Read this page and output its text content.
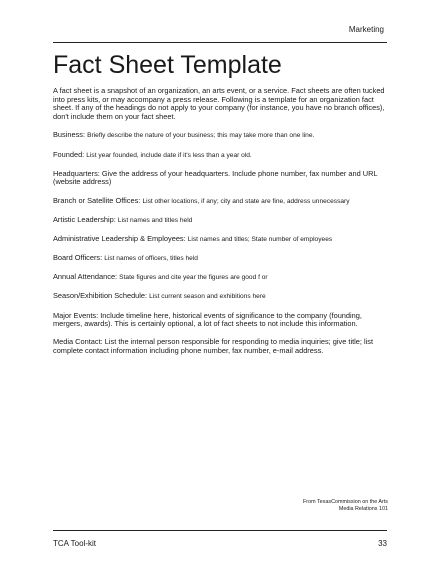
Marketing
Fact Sheet Template

A fact sheet is a snapshot of an organization, an arts event, or a service. Fact sheets are often tucked into press kits, or may accompany a press release. Following is a template for an organization fact sheet. If any of the headings do not apply to your company (for instance, you have no branch offices), don't include them on your fact sheet.

Business: Briefly describe the nature of your business; this may take more than one line.

Founded: List year founded, include date if it's less than a year old.

Headquarters: Give the address of your headquarters. Include phone number, fax number and URL (website address)

Branch or Satellite Offices: List other locations, if any; city and state are fine, address unnecessary

Artistic Leadership: List names and titles held

Administrative Leadership & Employees: List names and titles; State number of employees

Board Officers: List names of officers, titles held

Annual Attendance: State figures and cite year the figures are good f or

Season/Exhibition Schedule: List current season and exhibitions here

Major Events: Include timeline here, historical events of significance to the company (founding, mergers, awards). This is certainly optional, a lot of fact sheets to not include this information.

Media Contact: List the internal person responsible for responding to media inquiries; give title; list complete contact information including phone number, fax number, e-mail address.

From TexasCommission on the Arts
Media Relations 101
TCA Tool-kit	33
